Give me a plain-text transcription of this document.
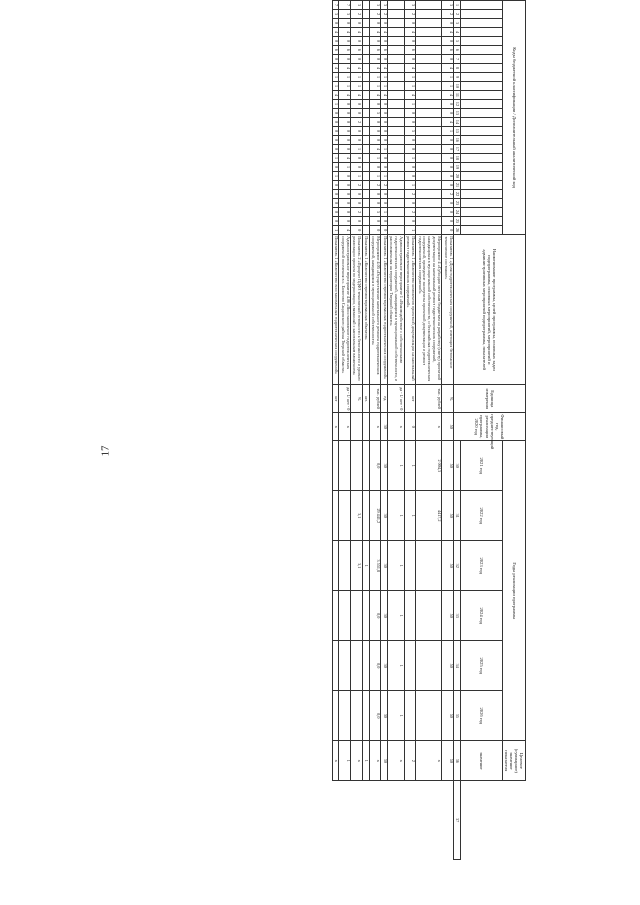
17
Коды бюджетной классификации / Дополнительный аналитический код																										Наименование программы, целей программы, основных задач подпрограммы, основных мероприятий, мероприятий и административных мероприятий подпрограммы, показателей	Единица измерения	Финансовый год, предшествующий реализации программы, 2020 год	Годы реализации программы						Целевое (суммарное) значение показателя	
																													2021 год	2022 год	2023 год	2024 год	2025 год	2026 год	значение	
1	2	3	4	5	6	7	8	9	10	11	12	13	14	15	16	17	18	19	20	21	22	23	24	25	26				30	31	32	33	34	35	36	37
3	2	0	4	0	6	0	4	1	1	4	0	0	4	1	0	0	0	0	0	0	2	0	0	0	0	Показатель 1 «Доля гидротехнических сооружений, имеющих безопасное техническое состояние»	%	50	50	50	50	50	50	50	50	
																										Мероприятие 4 «Субсидии местным бюджетам на разработку (смету) проектной документации на капитальный ремонт гидротехнических сооружений, находящихся в муниципальной собственности, и бесхозяйных гидротехнических сооружений, проведение экспертизы проектной документации и ремонт гидротехнических сооружений»	тыс. рублей	х	2 004,3	4417,2					х	
3	2	0	4	0	6	0	4	1	1	4	1	0	0	5	0	0	1	0	0	1	2	0	2	0	1	Показатель 1 «Количество комплектов проектной документации на капитальный ремонт гидротехнических сооружений»	шт	0	1	1					2	
																										Административное мероприятие 1 «Взаимодействие с собственниками гидротехнических сооружений, находящихся в муниципальной собственности, и расположенных на территории Тверской области»	да - 1/ нет - 0	х	1	1	1	1	1	1	х	
3	2	0	4	0	6	0	4	1	1	4	0	0	0	0	0	1	0	0	1	2	0	0	1	0	0	Показатель 1 «Количество отремонтированных гидротехнических сооружений»	ед.	30	30	30	30	30	30	30	30	
3	2	0	4	0	6	0	4	1	1	4	0	5	0	0	0	4	1	0	1	2	0	0	5	0	0	Мероприятие 4.05 «Осуществление капитального ремонта гидротехнических сооружений, находящихся в муниципальной собственности»	тыс. рублей	х	0,0	29 441,2	3 551,8	0,0	0,0	0,0	х	
																										Показатель 1 «Количество отремонтированных объектов»	шт.				1				1	
3	2	0	4	0	6	0	4	1	1	4	0	0	2	0	0	1	0	0	1	2	0	0	2	0	0	Показатель 2 «Процент ПДФЗ технической готовности к безопасности и уровню реализации проекта по модернизации, связанный с капитальным вложением»	%			3,1	3,1				х	
7	3	0	4	0	6	0	4	1	1	4	0	0	0	0	0	0	4	1	0	0	0	0	0	0	4	Административное мероприятие 4.06 «Восстановление гидротехнических сооружений поселения в с. Бологово Сандовского района Тверской области»	да - 1/ нет - 0	х							1	
7	3	0	4	0	6	0	4	1	1	4	1	0	0	0	0	0	1	0	1	0	0	0	0	0	1	Показатель 1 «Количество восстановленных гидротехнических сооружений»	шт	х							х	
